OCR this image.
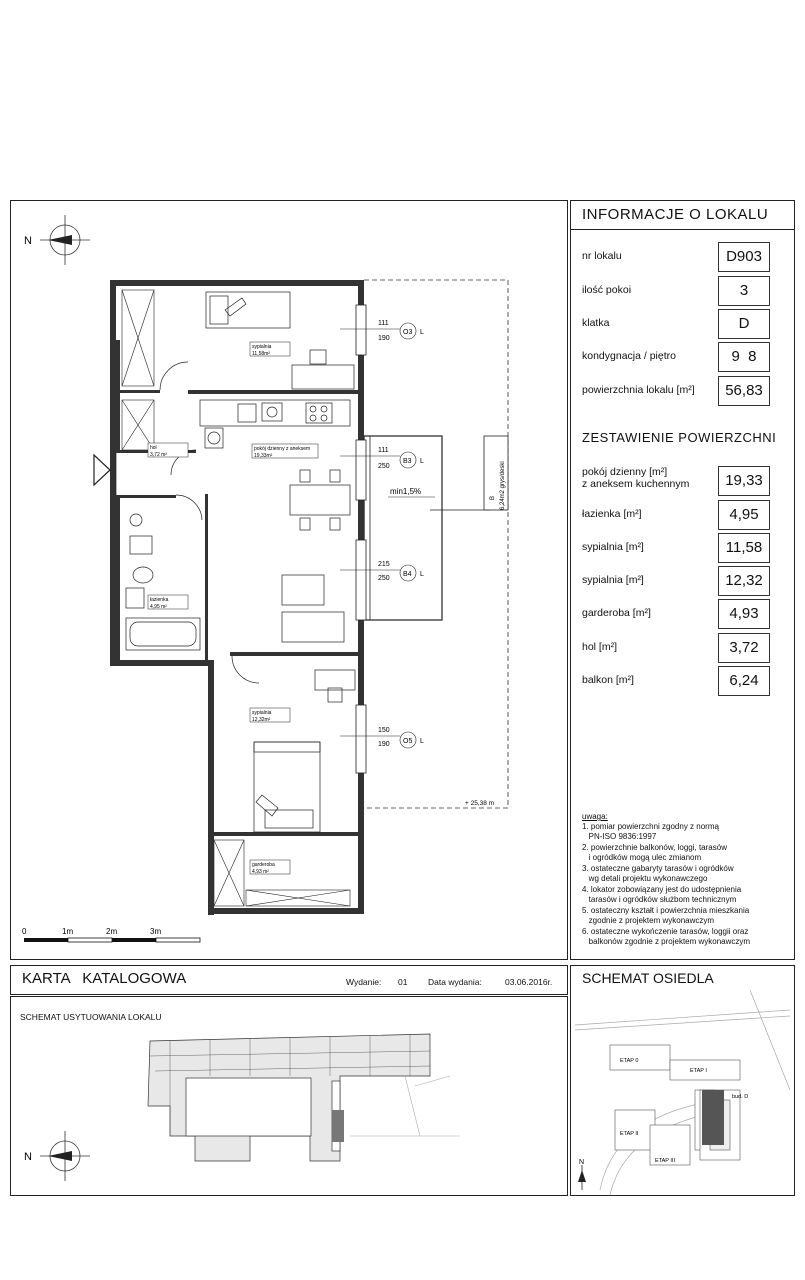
INFORMACJE O LOKALU
nr lokalu	D903
ilość pokoi	3
klatka	D
kondygnacja / piętro	9  8
powierzchnia lokalu [m²]	56,83
ZESTAWIENIE POWIERZCHNI
pokój dzienny [m²]
z aneksem kuchennym	19,33
łazienka [m²]	4,95
sypialnia [m²]	11,58
sypialnia [m²]	12,32
garderoba [m²]	4,93
hol [m²]	3,72
balkon [m²]	6,24
uwaga:
1. pomiar powierzchni zgodny z normą
PN-ISO 9836:1997
2. powierzchnie balkonów, loggi, tarasów
i ogródków mogą ulec zmianom
3. ostateczne gabaryty tarasów i ogródków
wg detali projektu wykonawczego
4. lokator zobowiązany jest do udostępnienia
tarasów i ogródków służbom technicznym
5. ostateczny kształt i powierzchnia mieszkania
zgodnie z projektem wykonawczym
6. ostateczne wykończenie tarasów, loggii oraz
balkonów zgodnie z projektem wykonawczym
N
min1,5%
B 6,24m2 grys/deski
+ 25,38 m
111
190
O3 L
111
250
B3 L
215
250
B4 L
150
190 O5 L
sypialnia
11,58m²
pokój dzienny z aneksem
19,33m²
hol
3,72 m²
łazienka
4,95 m²
sypialnia
12,32m²
garderoba
4,93 m²
0	1m	2m	3m
KARTA   KATALOGOWA	Wydanie: 01 Data wydania:	03.06.2016r.
SCHEMAT USYTUOWANIA LOKALU
N
SCHEMAT OSIEDLA
ETAP 0
ETAP I
ETAP II
ETAP III
bud. D
N
